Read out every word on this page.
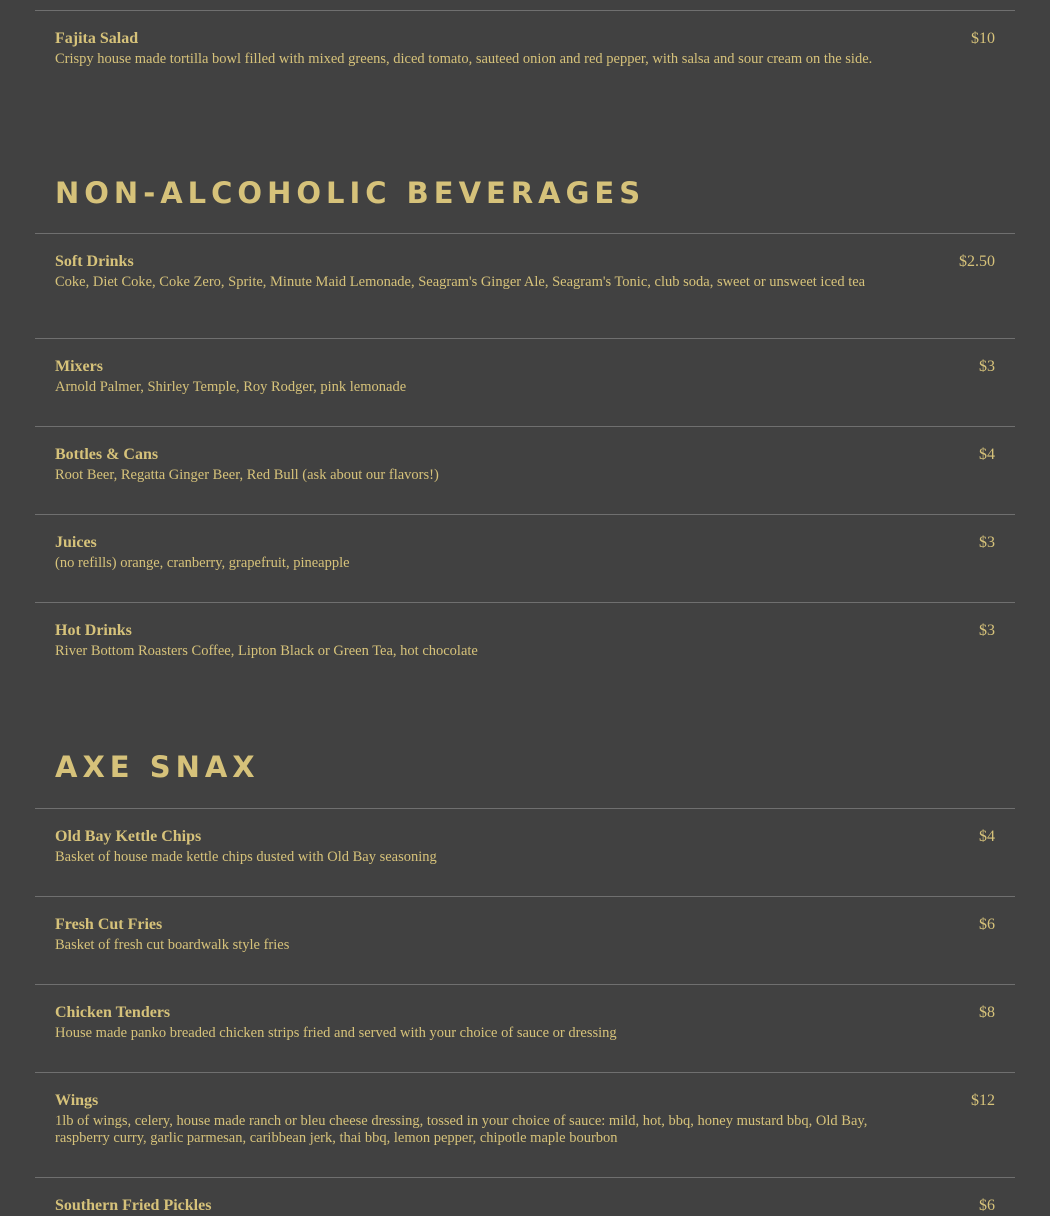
Fajita Salad	$10
Crispy house made tortilla bowl filled with mixed greens, diced tomato, sauteed onion and red pepper, with salsa and sour cream on the side.
NON-ALCOHOLIC BEVERAGES
Soft Drinks	$2.50
Coke, Diet Coke, Coke Zero, Sprite, Minute Maid Lemonade, Seagram's Ginger Ale, Seagram's Tonic, club soda, sweet or unsweet iced tea
Mixers	$3
Arnold Palmer, Shirley Temple, Roy Rodger, pink lemonade
Bottles & Cans	$4
Root Beer, Regatta Ginger Beer, Red Bull (ask about our flavors!)
Juices	$3
(no refills) orange, cranberry, grapefruit, pineapple
Hot Drinks	$3
River Bottom Roasters Coffee, Lipton Black or Green Tea, hot chocolate
AXE SNAX
Old Bay Kettle Chips	$4
Basket of house made kettle chips dusted with Old Bay seasoning
Fresh Cut Fries	$6
Basket of fresh cut boardwalk style fries
Chicken Tenders	$8
House made panko breaded chicken strips fried and served with your choice of sauce or dressing
Wings	$12
1lb of wings, celery, house made ranch or bleu cheese dressing, tossed in your choice of sauce: mild, hot, bbq, honey mustard bbq, Old Bay, raspberry curry, garlic parmesan, caribbean jerk, thai bbq, lemon pepper, chipotle maple bourbon
Southern Fried Pickles	$6
